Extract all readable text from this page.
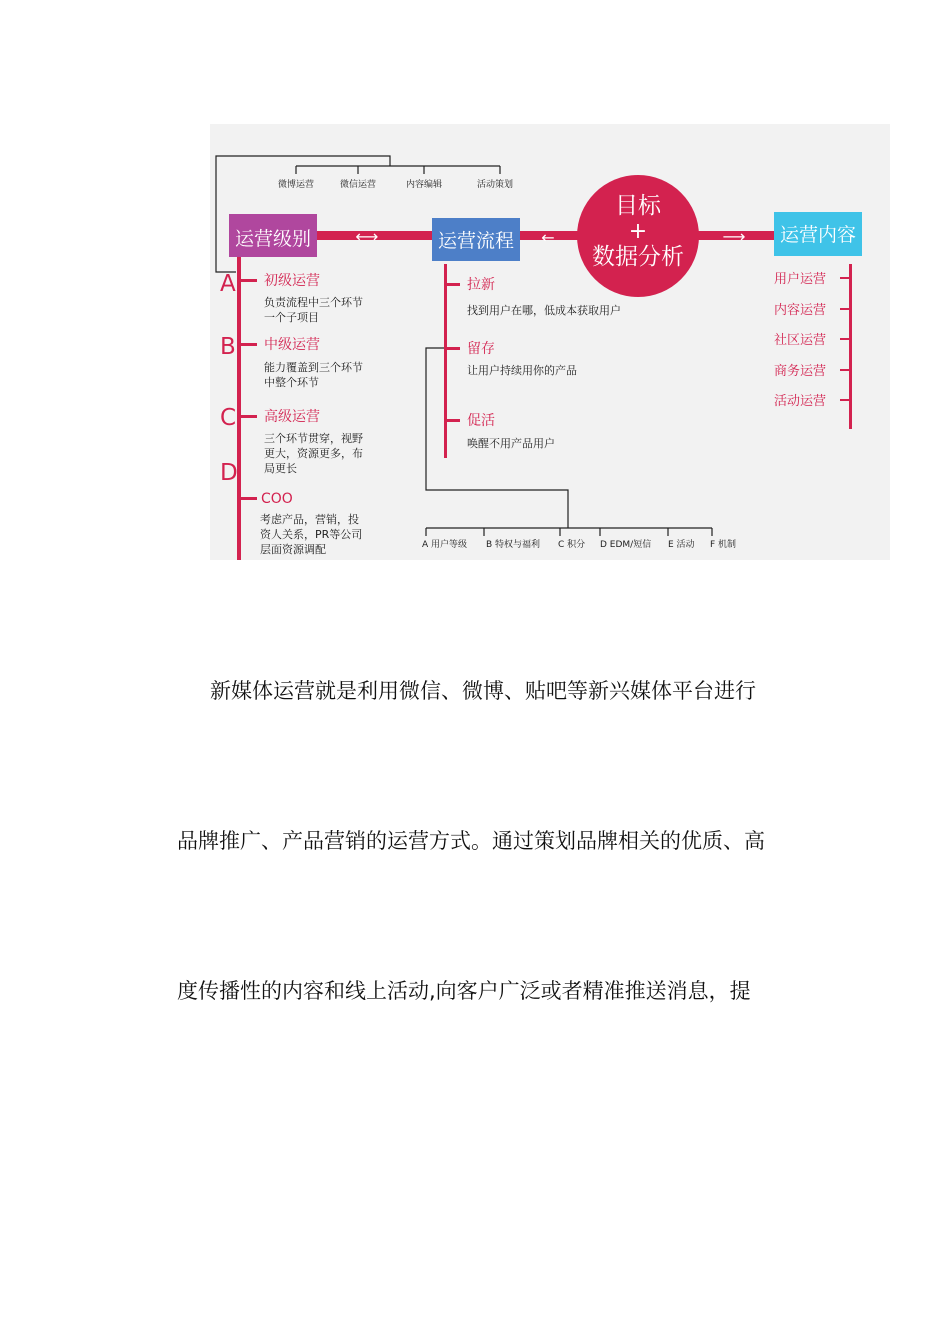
微博运营	微信运营	内容编辑	活动策划
⟷	←	⟶
运营级别	运营流程	运营内容
目标
+
数据分析
A 初级运营
负责流程中三个环节
一个子项目
B 中级运营
能力覆盖到三个环节
中整个环节
C 高级运营
三个环节贯穿，视野
更大，资源更多，布
局更长
D
COO
考虑产品，营销，投
资人关系，PR等公司
层面资源调配
拉新
找到用户在哪，低成本获取用户
留存
让用户持续用你的产品
促活
唤醒不用产品用户
A 用户等级 B 特权与福利 C 积分 D EDM/短信 E 活动 F 机制
用户运营
内容运营
社区运营
商务运营
活动运营
新媒体运营就是利用微信、微博、贴吧等新兴媒体平台进行
品牌推广、产品营销的运营方式。通过策划品牌相关的优质、高
度传播性的内容和线上活动,向客户广泛或者精准推送消息，提
